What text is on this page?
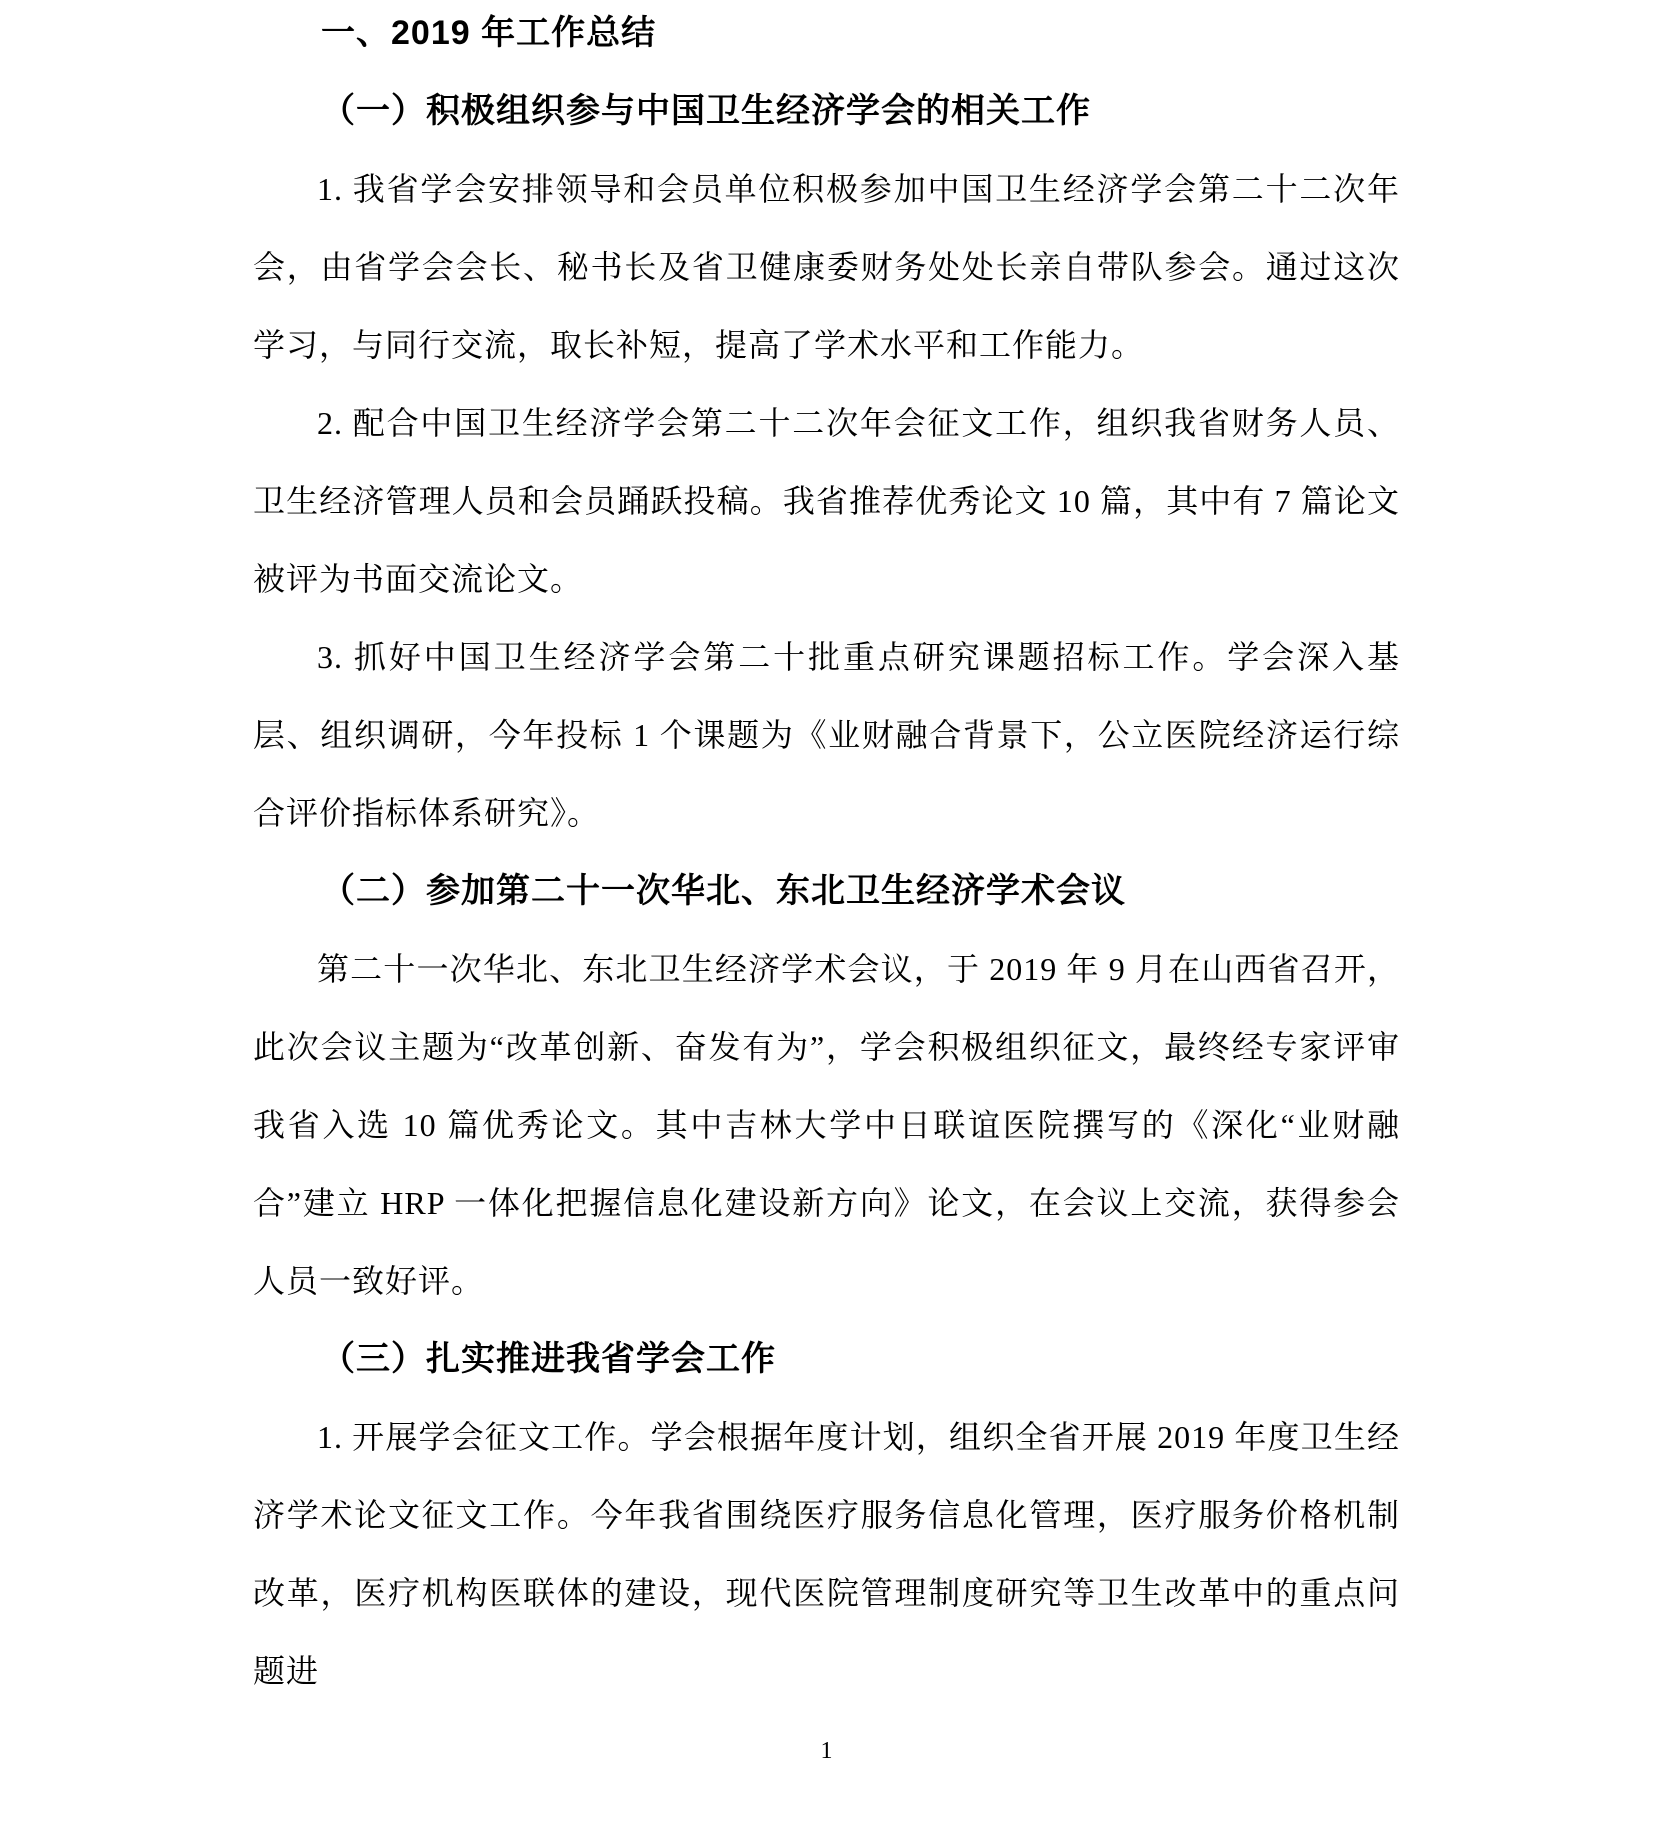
一、2019 年工作总结
（一）积极组织参与中国卫生经济学会的相关工作
1. 我省学会安排领导和会员单位积极参加中国卫生经济学会第二十二次年会，由省学会会长、秘书长及省卫健康委财务处处长亲自带队参会。通过这次学习，与同行交流，取长补短，提高了学术水平和工作能力。
2. 配合中国卫生经济学会第二十二次年会征文工作，组织我省财务人员、卫生经济管理人员和会员踊跃投稿。我省推荐优秀论文 10 篇，其中有 7 篇论文被评为书面交流论文。
3. 抓好中国卫生经济学会第二十批重点研究课题招标工作。学会深入基层、组织调研，今年投标 1 个课题为《业财融合背景下，公立医院经济运行综合评价指标体系研究》。
（二）参加第二十一次华北、东北卫生经济学术会议
第二十一次华北、东北卫生经济学术会议，于 2019 年 9 月在山西省召开，此次会议主题为“改革创新、奋发有为”，学会积极组织征文，最终经专家评审我省入选 10 篇优秀论文。其中吉林大学中日联谊医院撰写的《深化“业财融合”建立 HRP 一体化把握信息化建设新方向》论文，在会议上交流，获得参会人员一致好评。
（三）扎实推进我省学会工作
1. 开展学会征文工作。学会根据年度计划，组织全省开展 2019 年度卫生经济学术论文征文工作。今年我省围绕医疗服务信息化管理，医疗服务价格机制改革，医疗机构医联体的建设，现代医院管理制度研究等卫生改革中的重点问题进
1
